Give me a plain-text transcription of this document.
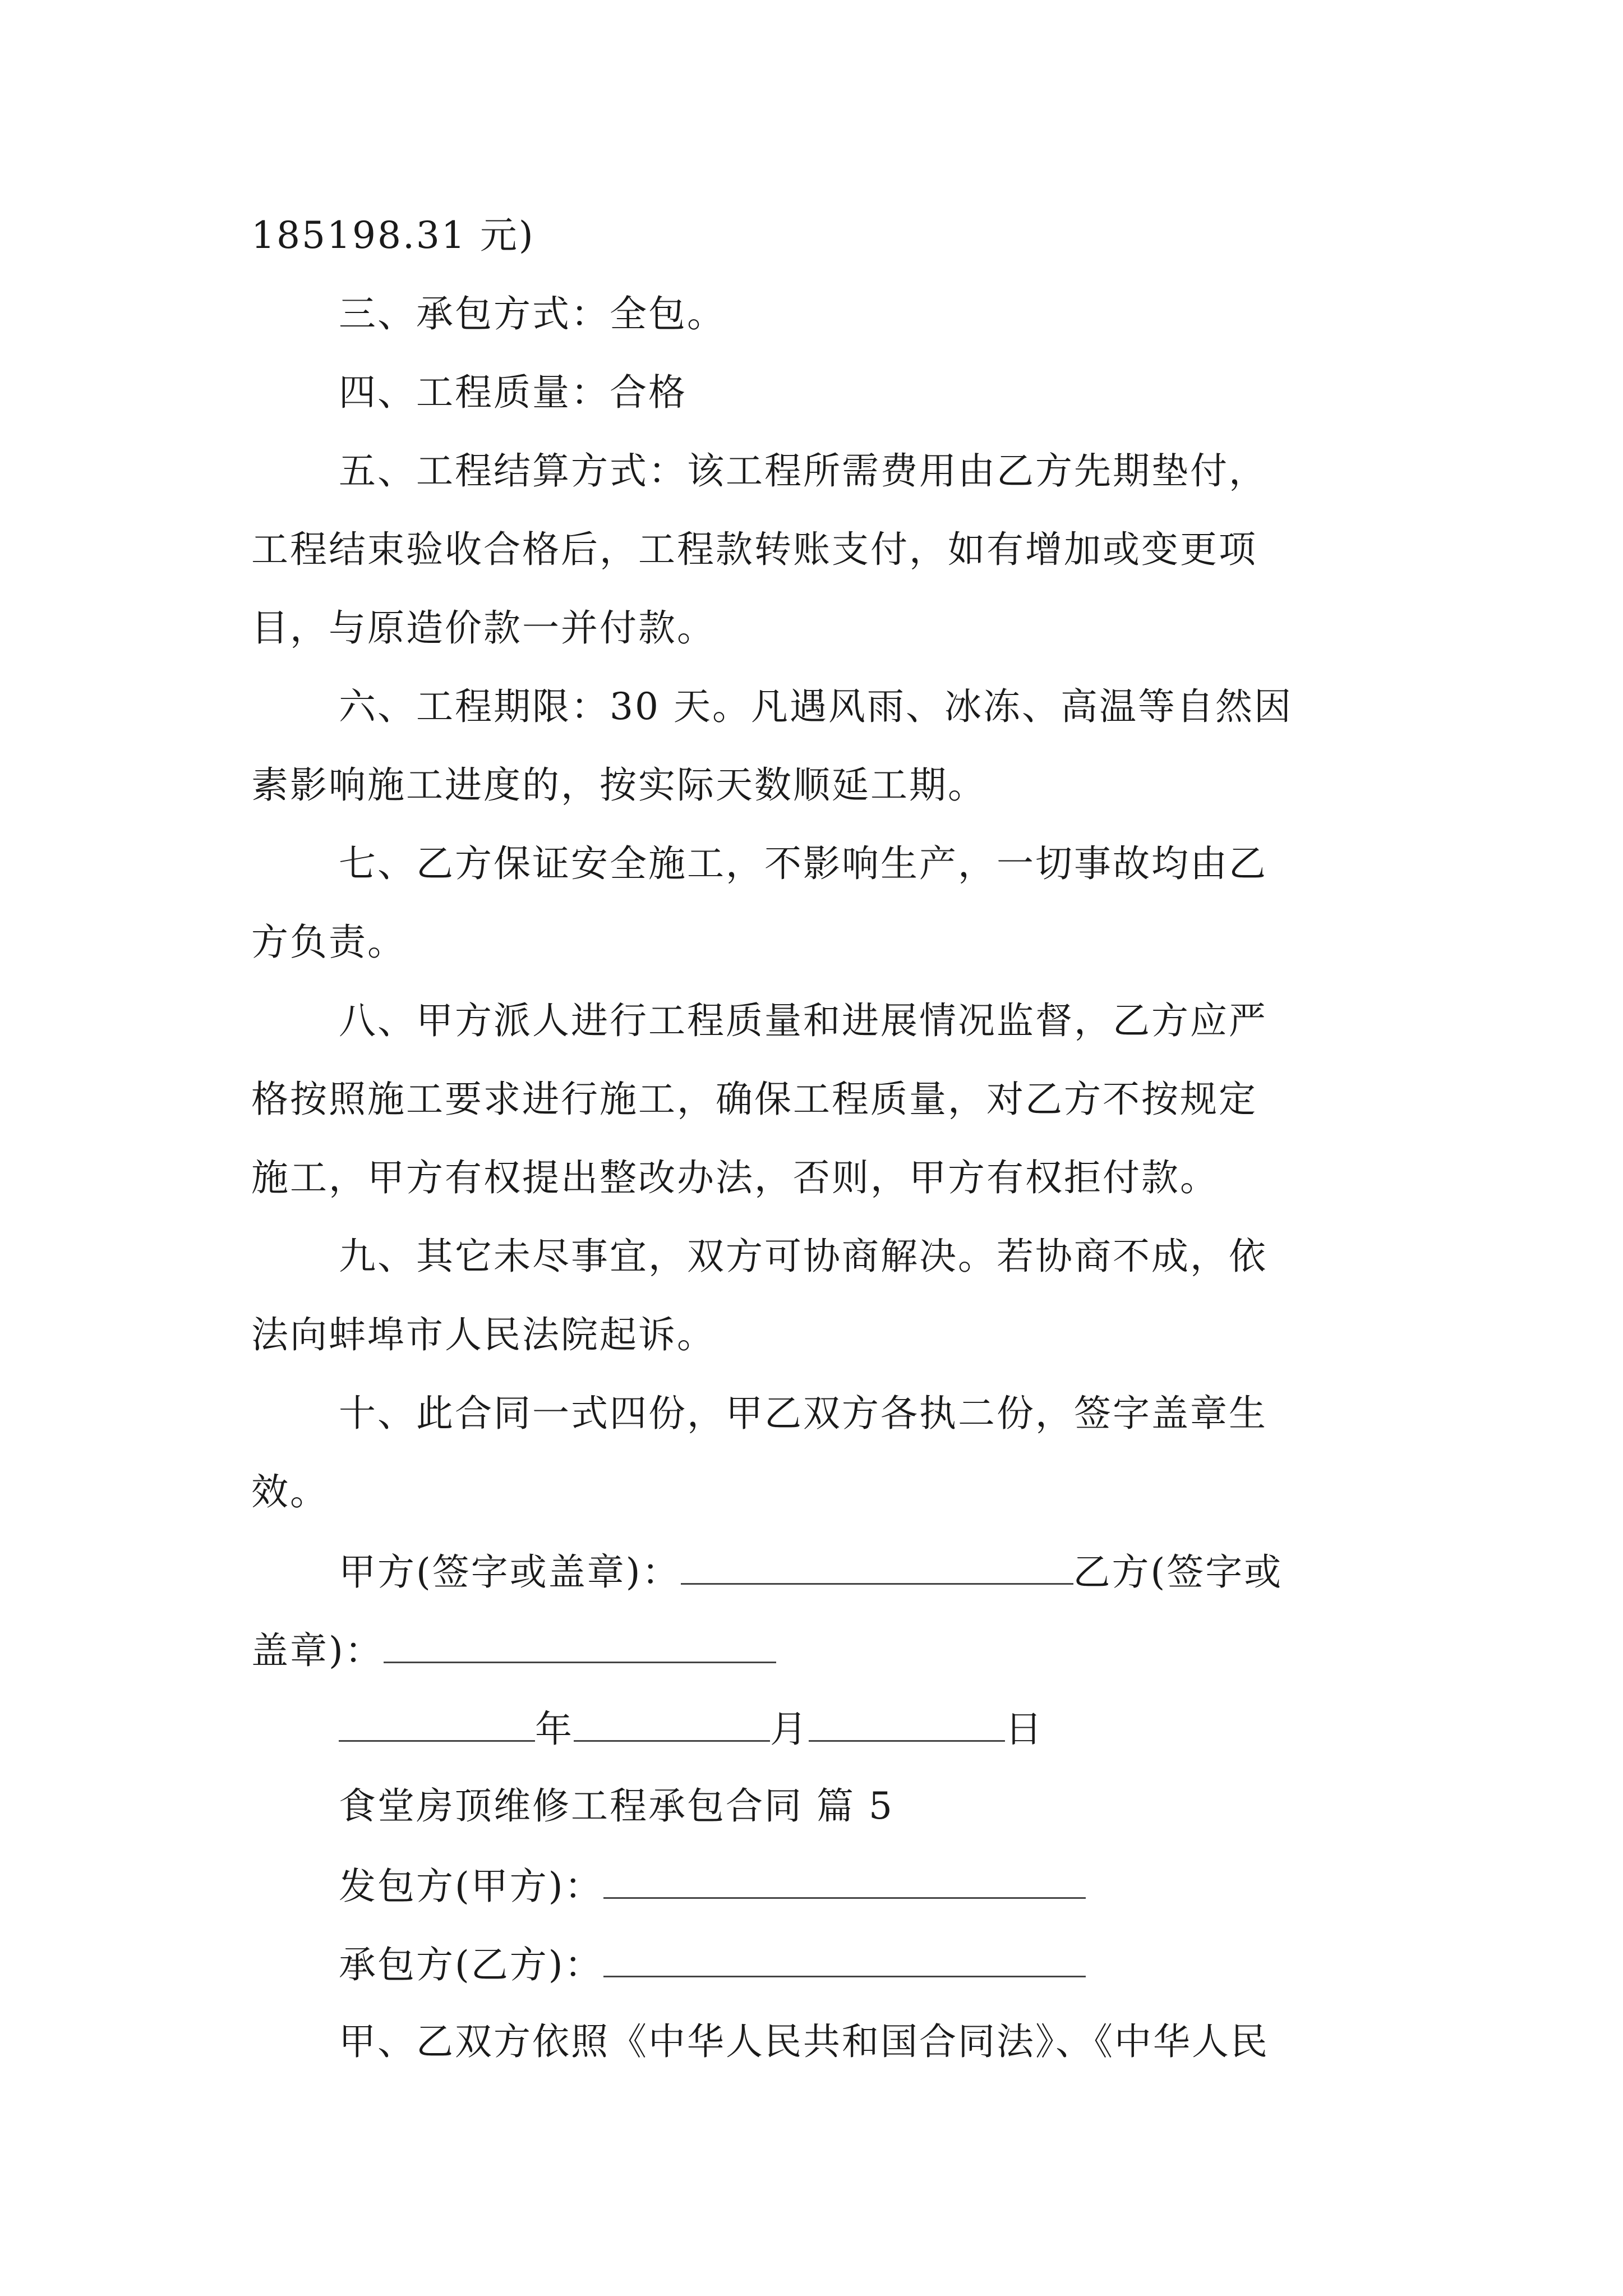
185198.31 元)
三、承包方式：全包。
四、工程质量：合格
五、工程结算方式：该工程所需费用由乙方先期垫付，
工程结束验收合格后，工程款转账支付，如有增加或变更项
目，与原造价款一并付款。
六、工程期限：30 天。凡遇风雨、冰冻、高温等自然因
素影响施工进度的，按实际天数顺延工期。
七、乙方保证安全施工，不影响生产，一切事故均由乙
方负责。
八、甲方派人进行工程质量和进展情况监督，乙方应严
格按照施工要求进行施工，确保工程质量，对乙方不按规定
施工，甲方有权提出整改办法，否则，甲方有权拒付款。
九、其它未尽事宜，双方可协商解决。若协商不成，依
法向蚌埠市人民法院起诉。
十、此合同一式四份，甲乙双方各执二份，签字盖章生
效。
甲方(签字或盖章)：	乙方(签字或
盖章)：
年	月	日
食堂房顶维修工程承包合同 篇 5
发包方(甲方)：
承包方(乙方)：
甲、乙双方依照《中华人民共和国合同法》、《中华人民
